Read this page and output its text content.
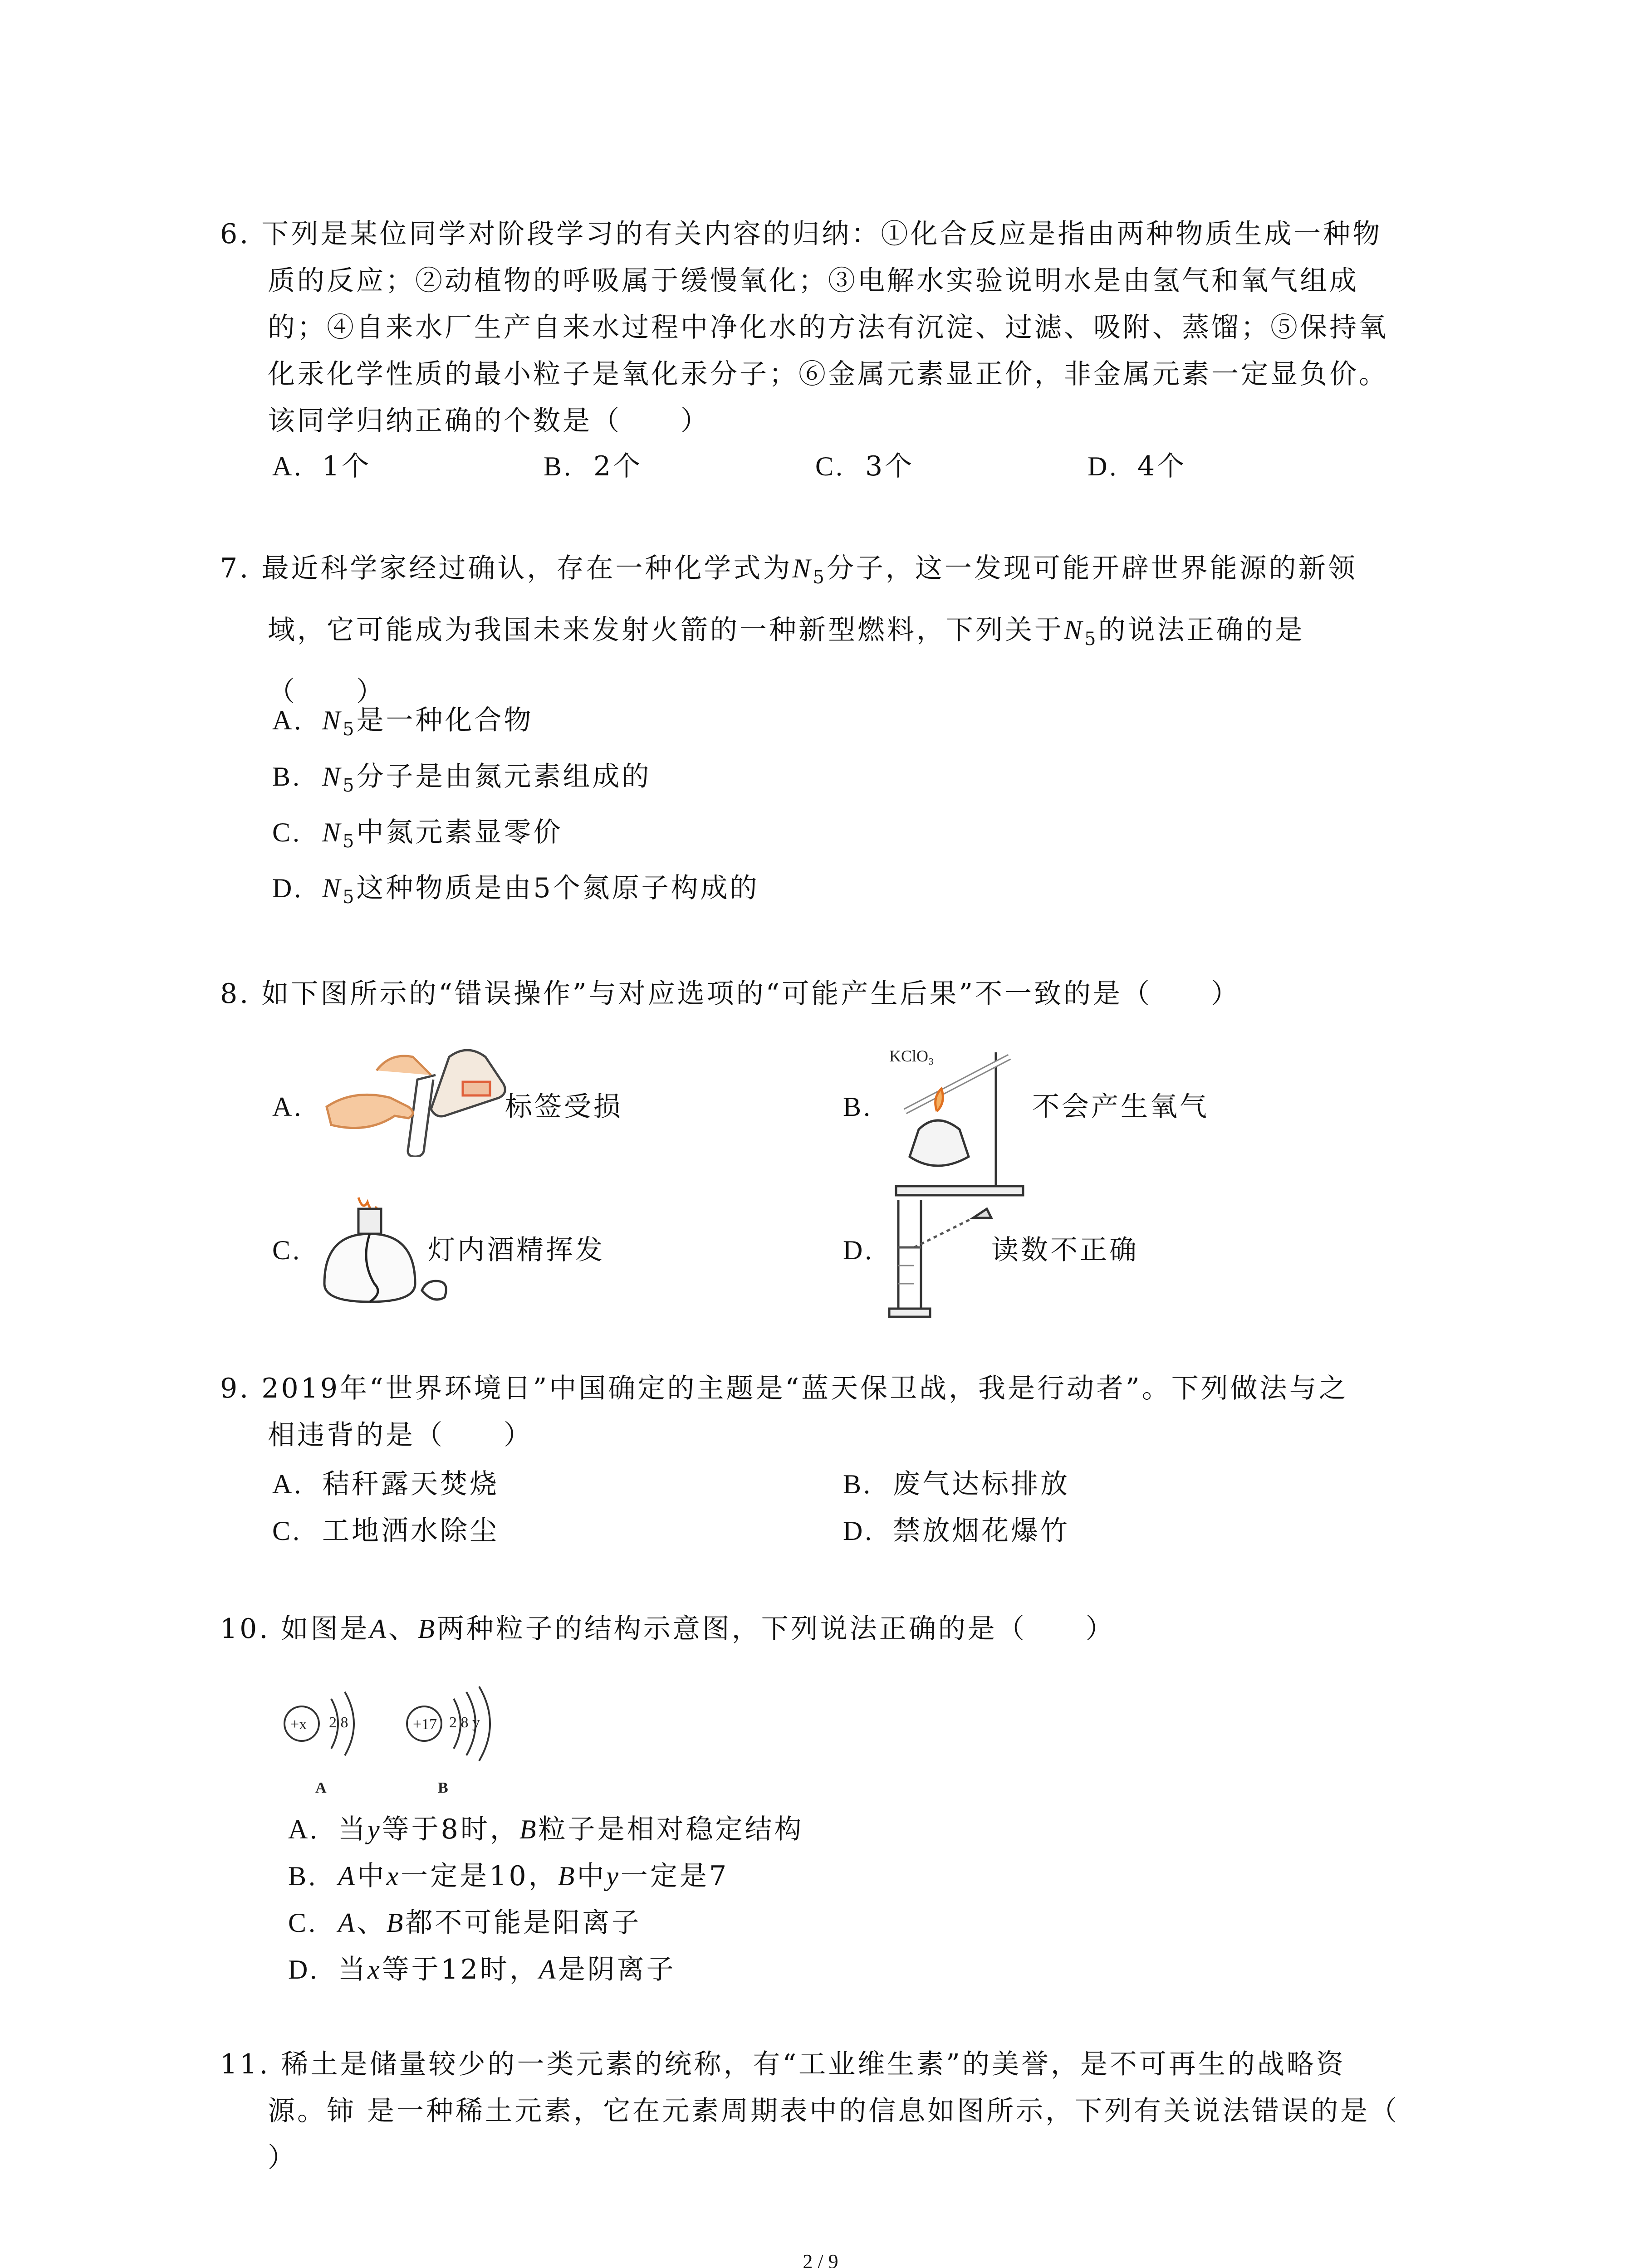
6. 下列是某位同学对阶段学习的有关内容的归纳：①化合反应是指由两种物质生成一种物
质的反应；②动植物的呼吸属于缓慢氧化；③电解水实验说明水是由氢气和氧气组成
的；④自来水厂生产自来水过程中净化水的方法有沉淀、过滤、吸附、蒸馏；⑤保持氧
化汞化学性质的最小粒子是氧化汞分子；⑥金属元素显正价，非金属元素一定显负价。
该同学归纳正确的个数是（　　）
A. 1个	B. 2个	C. 3个	D. 4个
7. 最近科学家经过确认，存在一种化学式为$N_5$分子，这一发现可能开辟世界能源的新领
域，它可能成为我国未来发射火箭的一种新型燃料，下列关于$N_5$的说法正确的是
（　　）
A. $N_5$是一种化合物
B. $N_5$分子是由氮元素组成的
C. $N_5$中氮元素显零价
D. $N_5$这种物质是由5个氮原子构成的
8. 如下图所示的“错误操作”与对应选项的“可能产生后果”不一致的是（　　）
A.	标签受损	B.
KClO₃
不会产生氧气
C.	灯内酒精挥发	D.	读数不正确
9. 2019年“世界环境日”中国确定的主题是“蓝天保卫战，我是行动者”。下列做法与之
相违背的是（　　）
A. 秸秆露天焚烧	B. 废气达标排放
C. 工地洒水除尘	D. 禁放烟花爆竹
10. 如图是A、B两种粒子的结构示意图，下列说法正确的是（　　）
+x 2 8	+17 2 8 y
A	B
A. 当y等于8时，B粒子是相对稳定结构
B. A中x一定是10，B中y一定是7
C. A、B都不可能是阳离子
D. 当x等于12时，A是阴离子
11. 稀土是储量较少的一类元素的统称，有“工业维生素”的美誉，是不可再生的战略资
源。铈 是一种稀土元素，它在元素周期表中的信息如图所示，下列有关说法错误的是（
）
2 / 9
